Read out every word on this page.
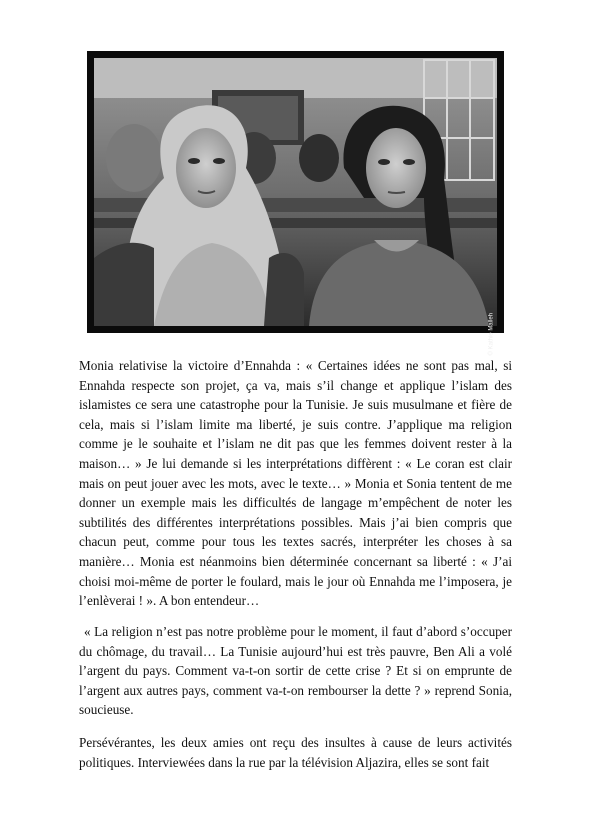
© Kathie Malleh

Monia relativise la victoire d’Ennahda : « Certaines idées ne sont pas mal, si Ennahda respecte son projet, ça va, mais s’il change et applique l’islam des islamistes ce sera une catastrophe pour la Tunisie. Je suis musulmane et fière de cela, mais si l’islam limite ma liberté, je suis contre. J’applique ma religion comme je le souhaite et l’islam ne dit pas que les femmes doivent rester à la maison… » Je lui demande si les interprétations diffèrent : « Le coran est clair mais on peut jouer avec les mots, avec le texte… » Monia et Sonia tentent de me donner un exemple mais les difficultés de langage m’empêchent de noter les subtilités des différentes interprétations possibles. Mais j’ai bien compris que chacun peut, comme pour tous les textes sacrés, interpréter les choses à sa manière… Monia est néanmoins bien déterminée concernant sa liberté : « J’ai choisi moi-même de porter le foulard, mais le jour où Ennahda me l’imposera, je l’enlèverai ! ». A bon entendeur…

« La religion n’est pas notre problème pour le moment, il faut d’abord s’occuper du chômage, du travail… La Tunisie aujourd’hui est très pauvre, Ben Ali a volé l’argent du pays. Comment va-t-on sortir de cette crise ? Et si on emprunte de l’argent aux autres pays, comment va-t-on rembourser la dette ? » reprend Sonia, soucieuse.

Persévérantes, les deux amies ont reçu des insultes à cause de leurs activités politiques. Interviewées dans la rue par la télévision Aljazira, elles se sont fait
